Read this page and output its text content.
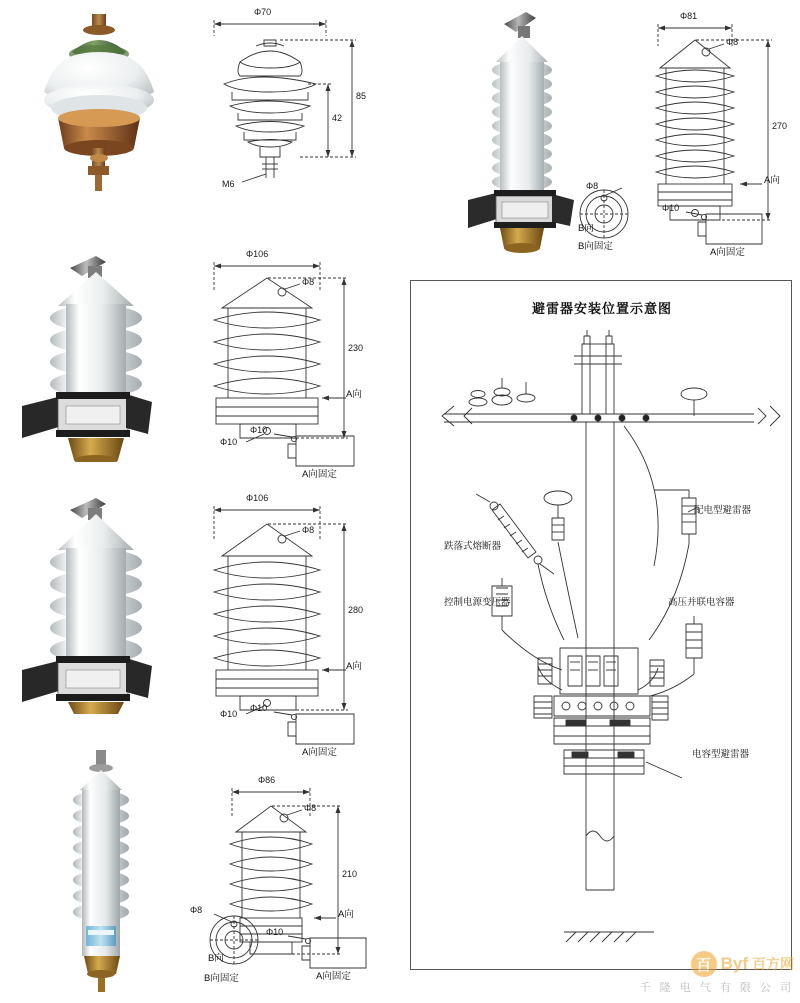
Φ70
85
42
M6
Φ81
Φ8
270
A向
Φ8
B向
B向固定
Φ10
A向固定
Φ106
Φ8
230
Φ10
A向
Φ10
A向固定
Φ106
Φ8
280
Φ10
A向
Φ10
A向固定
Φ86
Φ8
210
A向
Φ8
B向
B向固定
Φ10
A向固定
避雷器安装位置示意图
配电型避雷器
跌落式熔断器
控制电源变压器	高压并联电容器
电容型避雷器
百 Byf 百方网
千 隆 电 气 有 限 公 司
